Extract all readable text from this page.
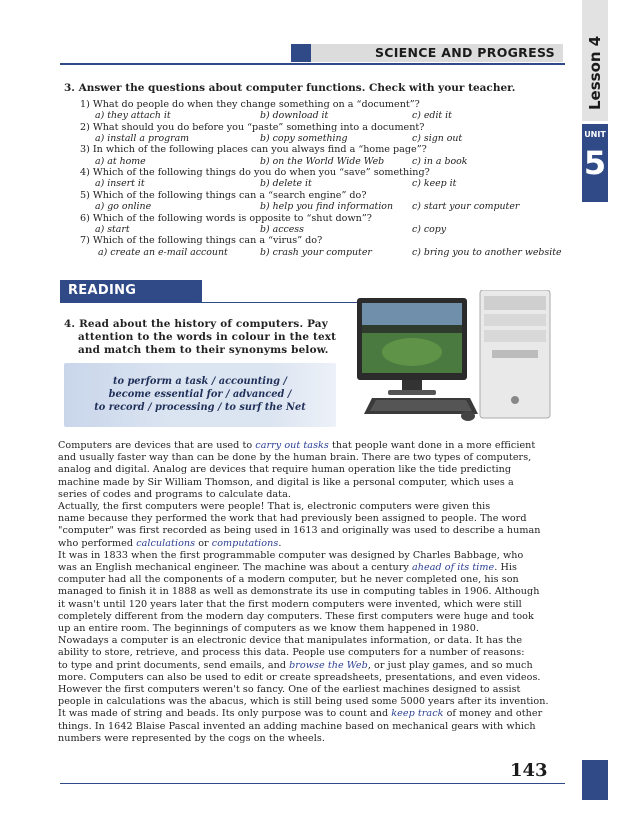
SCIENCE AND PROGRESS	Lesson 4
UNIT
5
3. Answer the questions about computer functions. Check with your teacher.
1) What do people do when they change something on a “document”?
a) they attach it	b) download it	c) edit it
2) What should you do before you “paste” something into a document?
a) install a program	b) copy something	c) sign out
3) In which of the following places can you always find a “home page”?
a) at home	b) on the World Wide Web	c) in a book
4) Which of the following things do you do when you “save” something?
a) insert it	b) delete it	c) keep it
5) Which of the following things can a “search engine” do?
a) go online	b) help you find information c) start your computer
6) Which of the following words is opposite to “shut down”?
a) start	b) access	c) copy
7) Which of the following things can a “virus” do?
a) create an e-mail account	b) crash your computer	c) bring you to another website
READING
4. Read about the history of computers. Pay
attention to the words in colour in the text
and match them to their synonyms below.
to perform a task / accounting /
become essential for / advanced /
to record / processing / to surf the Net
Computers are devices that are used to carry out tasks that people want done in a more efficient
and usually faster way than can be done by the human brain. There are two types of computers,
analog and digital. Analog are devices that require human operation like the tide predicting
machine made by Sir William Thomson, and digital is like a personal computer, which uses a
series of codes and programs to calculate data.
Actually, the first computers were people! That is, electronic computers were given this
name because they performed the work that had previously been assigned to people. The word
"computer" was first recorded as being used in 1613 and originally was used to describe a human
who performed calculations or computations.
It was in 1833 when the first programmable computer was designed by Charles Babbage, who
was an English mechanical engineer. The machine was about a century ahead of its time. His
computer had all the components of a modern computer, but he never completed one, his son
managed to finish it in 1888 as well as demonstrate its use in computing tables in 1906. Although
it wasn't until 120 years later that the first modern computers were invented, which were still
completely different from the modern day computers. These first computers were huge and took
up an entire room. The beginnings of computers as we know them happened in 1980.
Nowadays a computer is an electronic device that manipulates information, or data. It has the
ability to store, retrieve, and process this data. People use computers for a number of reasons:
to type and print documents, send emails, and browse the Web, or just play games, and so much
more. Computers can also be used to edit or create spreadsheets, presentations, and even videos.
However the first computers weren't so fancy. One of the earliest machines designed to assist
people in calculations was the abacus, which is still being used some 5000 years after its invention.
It was made of string and beads. Its only purpose was to count and keep track of money and other
things. In 1642 Blaise Pascal invented an adding machine based on mechanical gears with which
numbers were represented by the cogs on the wheels.
143
